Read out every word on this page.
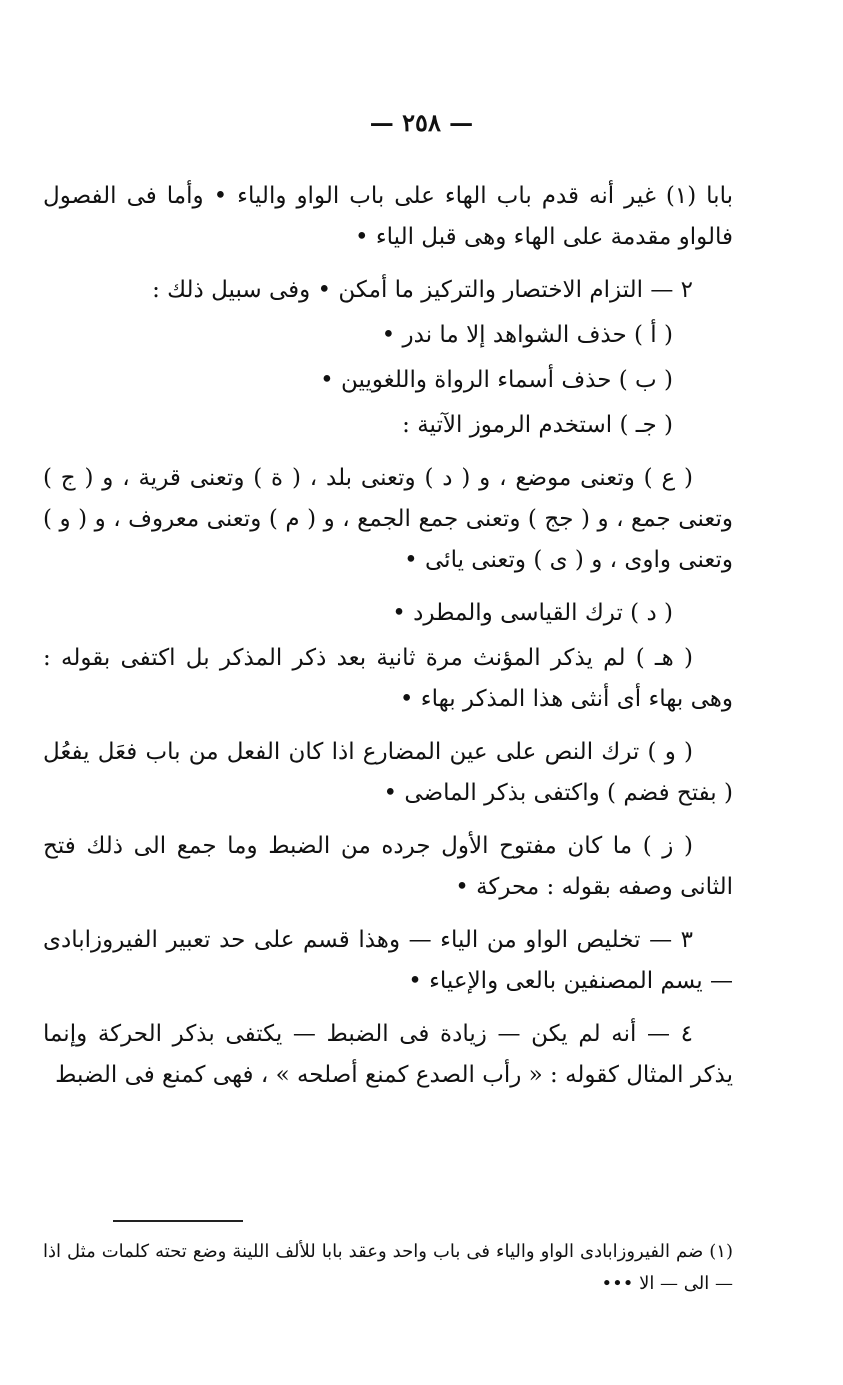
— ٢٥٨ —

بابا (١) غير أنه قدم باب الهاء على باب الواو والياء • وأما فى الفصول فالواو مقدمة على الهاء وهى قبل الياء •

٢ — التزام الاختصار والتركيز ما أمكن • وفى سبيل ذلك :

( أ ) حذف الشواهد إلا ما ندر •

( ب ) حذف أسماء الرواة واللغويين •

( جـ ) استخدم الرموز الآتية :

( ع ) وتعنى موضع ، و ( د ) وتعنى بلد ، ( ة ) وتعنى قرية ، و ( ج ) وتعنى جمع ، و ( جج ) وتعنى جمع الجمع ، و ( م ) وتعنى معروف ، و ( و ) وتعنى واوى ، و ( ى ) وتعنى يائى •

( د ) ترك القياسى والمطرد •

( هـ ) لم يذكر المؤنث مرة ثانية بعد ذكر المذكر بل اكتفى بقوله : وهى بهاء أى أنثى هذا المذكر بهاء •

( و ) ترك النص على عين المضارع اذا كان الفعل من باب فعَل يفعُل ( بفتح فضم ) واكتفى بذكر الماضى •

( ز ) ما كان مفتوح الأول جرده من الضبط وما جمع الى ذلك فتح الثانى وصفه بقوله : محركة •

٣ — تخليص الواو من الياء — وهذا قسم على حد تعبير الفيروزابادى — يسم المصنفين بالعى والإعياء •

٤ — أنه لم يكن — زيادة فى الضبط — يكتفى بذكر الحركة وإنما يذكر المثال كقوله : « رأب الصدع كمنع أصلحه » ، فهى كمنع فى الضبط

(١) ضم الفيروزابادى الواو والياء فى باب واحد وعقد بابا للألف اللينة وضع تحته كلمات مثل اذا — الى — الا •••
